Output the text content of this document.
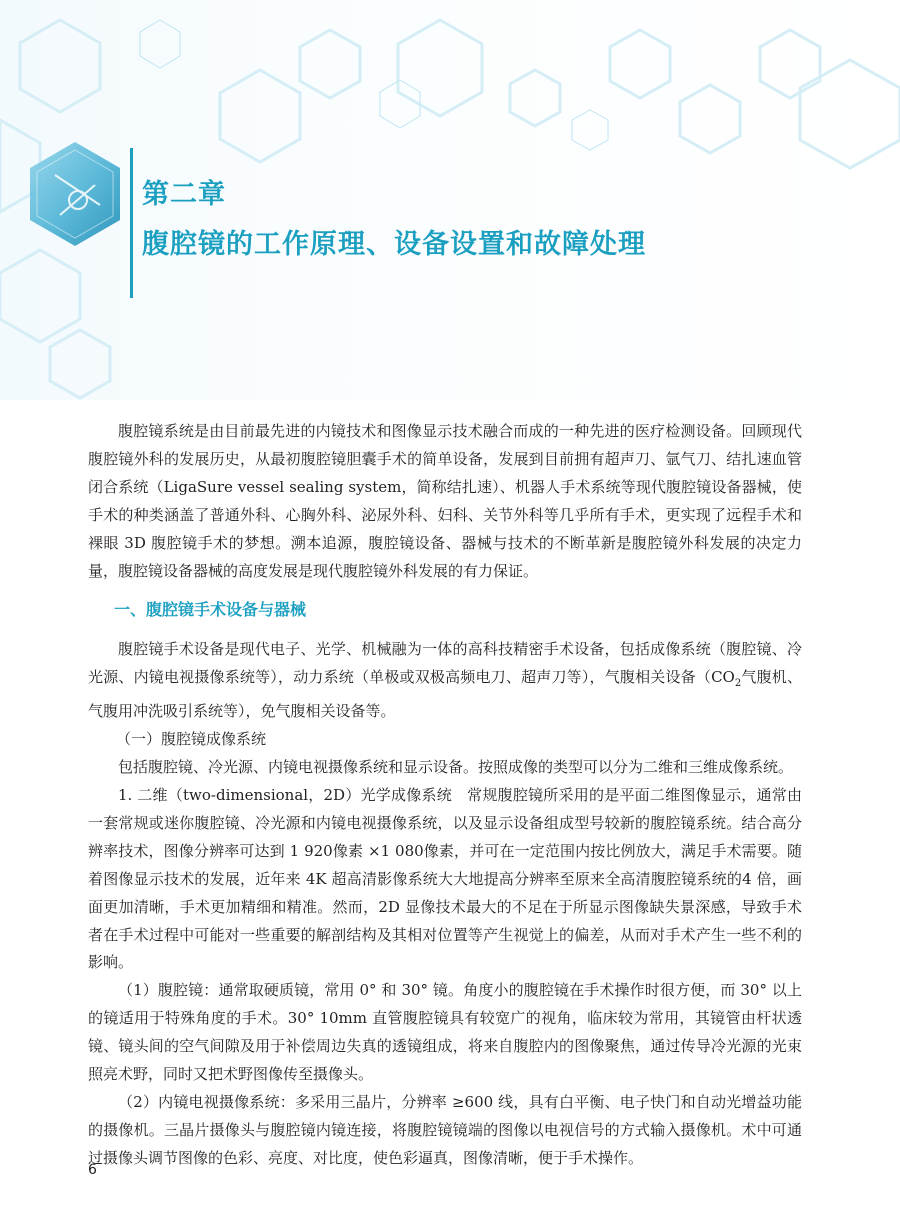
第二章
腹腔镜的工作原理、设备设置和故障处理

腹腔镜系统是由目前最先进的内镜技术和图像显示技术融合而成的一种先进的医疗检测设备。回顾现代腹腔镜外科的发展历史，从最初腹腔镜胆囊手术的简单设备，发展到目前拥有超声刀、氩气刀、结扎速血管闭合系统（LigaSure vessel sealing system，简称结扎速）、机器人手术系统等现代腹腔镜设备器械，使手术的种类涵盖了普通外科、心胸外科、泌尿外科、妇科、关节外科等几乎所有手术，更实现了远程手术和裸眼 3D 腹腔镜手术的梦想。溯本追源，腹腔镜设备、器械与技术的不断革新是腹腔镜外科发展的决定力量，腹腔镜设备器械的高度发展是现代腹腔镜外科发展的有力保证。

一、腹腔镜手术设备与器械

腹腔镜手术设备是现代电子、光学、机械融为一体的高科技精密手术设备，包括成像系统（腹腔镜、冷光源、内镜电视摄像系统等），动力系统（单极或双极高频电刀、超声刀等），气腹相关设备（$CO_2$气腹机、气腹用冲洗吸引系统等），免气腹相关设备等。

（一）腹腔镜成像系统

包括腹腔镜、冷光源、内镜电视摄像系统和显示设备。按照成像的类型可以分为二维和三维成像系统。

1. 二维（two-dimensional，2D）光学成像系统　常规腹腔镜所采用的是平面二维图像显示，通常由一套常规或迷你腹腔镜、冷光源和内镜电视摄像系统，以及显示设备组成型号较新的腹腔镜系统。结合高分辨率技术，图像分辨率可达到 1 920像素 ×1 080像素，并可在一定范围内按比例放大，满足手术需要。随着图像显示技术的发展，近年来 4K 超高清影像系统大大地提高分辨率至原来全高清腹腔镜系统的4 倍，画面更加清晰，手术更加精细和精准。然而，2D 显像技术最大的不足在于所显示图像缺失景深感，导致手术者在手术过程中可能对一些重要的解剖结构及其相对位置等产生视觉上的偏差，从而对手术产生一些不利的影响。

（1）腹腔镜：通常取硬质镜，常用 0° 和 30° 镜。角度小的腹腔镜在手术操作时很方便，而 30° 以上的镜适用于特殊角度的手术。30° 10mm 直管腹腔镜具有较宽广的视角，临床较为常用，其镜管由杆状透镜、镜头间的空气间隙及用于补偿周边失真的透镜组成，将来自腹腔内的图像聚焦，通过传导冷光源的光束照亮术野，同时又把术野图像传至摄像头。

（2）内镜电视摄像系统：多采用三晶片，分辨率 ≥600 线，具有白平衡、电子快门和自动光增益功能的摄像机。三晶片摄像头与腹腔镜内镜连接，将腹腔镜镜端的图像以电视信号的方式输入摄像机。术中可通过摄像头调节图像的色彩、亮度、对比度，使色彩逼真，图像清晰，便于手术操作。

6
